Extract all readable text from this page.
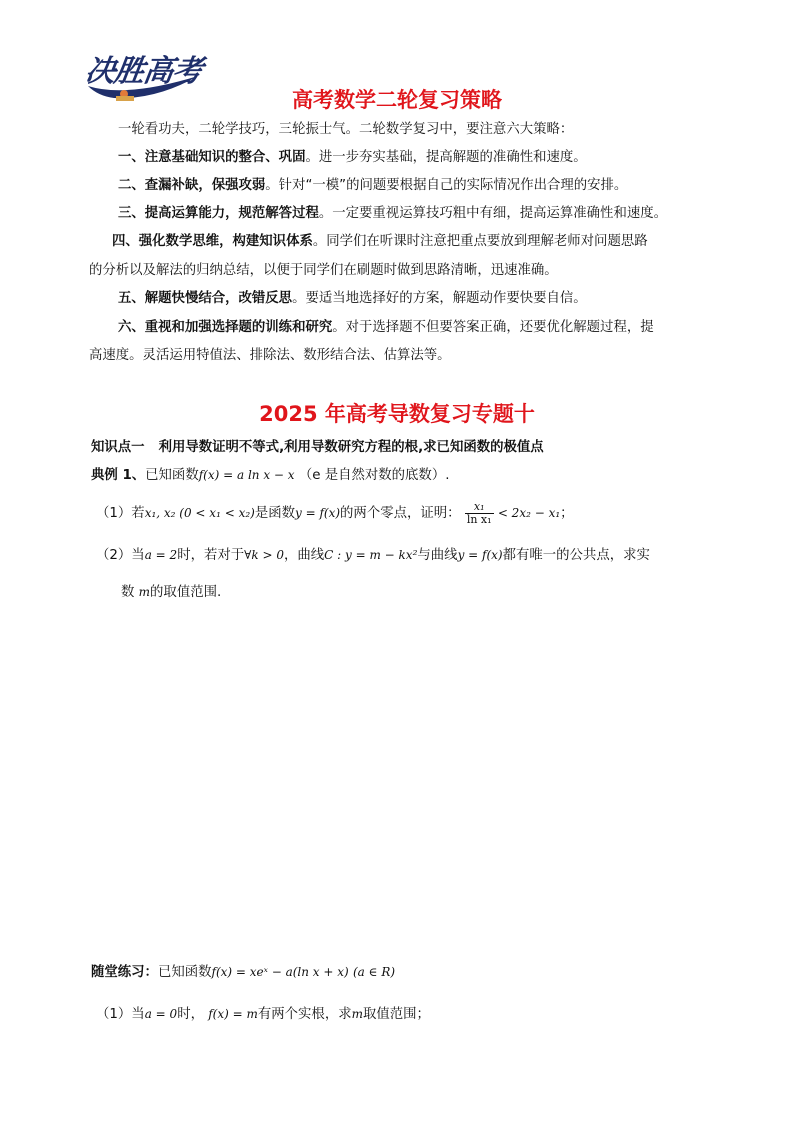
决胜高考
高考数学二轮复习策略
一轮看功夫，二轮学技巧，三轮振士气。二轮数学复习中，要注意六大策略：
一、注意基础知识的整合、巩固。进一步夯实基础，提高解题的准确性和速度。
二、查漏补缺，保强攻弱。针对“一模”的问题要根据自己的实际情况作出合理的安排。
三、提高运算能力，规范解答过程。一定要重视运算技巧粗中有细，提高运算准确性和速度。
四、强化数学思维，构建知识体系。同学们在听课时注意把重点要放到理解老师对问题思路
的分析以及解法的归纳总结，以便于同学们在刷题时做到思路清晰，迅速准确。
五、解题快慢结合，改错反思。要适当地选择好的方案，解题动作要快要自信。
六、重视和加强选择题的训练和研究。对于选择题不但要答案正确，还要优化解题过程，提
高速度。灵活运用特值法、排除法、数形结合法、估算法等。
2025 年高考导数复习专题十
知识点一 利用导数证明不等式,利用导数研究方程的根,求已知函数的极值点
典例 1、已知函数f(x) = a ln x − x （e 是自然对数的底数）.
（1）若x₁, x₂ (0 < x₁ < x₂)是函数y = f(x)的两个零点，证明： $\frac{\text{x₁}}{\text{ln x₁}} < 2x_2 - x_1$；
（2）当a = 2时，若对于∀k > 0，曲线C : y = m − kx²与曲线y = f(x)都有唯一的公共点，求实
数 m的取值范围.
随堂练习：已知函数f(x) = xeˣ − a(ln x + x) (a ∈ R)
（1）当a = 0时， f(x) = m有两个实根，求m取值范围；
